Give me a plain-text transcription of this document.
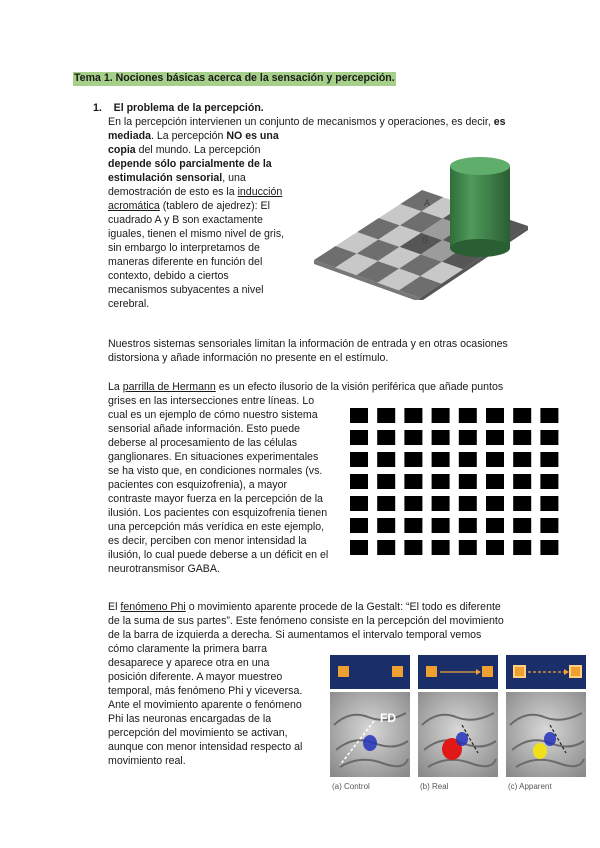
Tema 1. Nociones básicas acerca de la sensación y percepción.
1. El problema de la percepción.

En la percepción intervienen un conjunto de mecanismos y operaciones, es decir, es

mediada. La percepción NO es una

copia del mundo. La percepción

depende sólo parcialmente de la

estimulación sensorial, una

demostración de esto es la inducción

acromática (tablero de ajedrez): El

cuadrado A y B son exactamente

iguales, tienen el mismo nivel de gris,

sin embargo lo interpretamos de

maneras diferente en función del

contexto, debido a ciertos

mecanismos subyacentes a nivel

cerebral.

A
B

Nuestros sistemas sensoriales limitan la información de entrada y en otras ocasiones

distorsiona y añade información no presente en el estímulo.

La parrilla de Hermann es un efecto ilusorio de la visión periférica que añade puntos

grises en las intersecciones entre líneas. Lo

cual es un ejemplo de cómo nuestro sistema

sensorial añade información. Esto puede

deberse al procesamiento de las células

ganglionares. En situaciones experimentales

se ha visto que, en condiciones normales (vs.

pacientes con esquizofrenia), a mayor

contraste mayor fuerza en la percepción de la

ilusión. Los pacientes con esquizofrenia tienen

una percepción más verídica en este ejemplo,

es decir, perciben con menor intensidad la

ilusión, lo cual puede deberse a un déficit en el

neurotransmisor GABA.

El fenómeno Phi o movimiento aparente procede de la Gestalt: “El todo es diferente

de la suma de sus partes”. Este fenómeno consiste en la percepción del movimiento

de la barra de izquierda a derecha. Si aumentamos el intervalo temporal vemos

cómo claramente la primera barra

desaparece y aparece otra en una

posición diferente. A mayor muestreo

temporal, más fenómeno Phi y viceversa.

Ante el movimiento aparente o fenómeno

Phi las neuronas encargadas de la

percepción del movimiento se activan,

aunque con menor intensidad respecto al

movimiento real.

FD
(a) Control	(b) Real	(c) Apparent
